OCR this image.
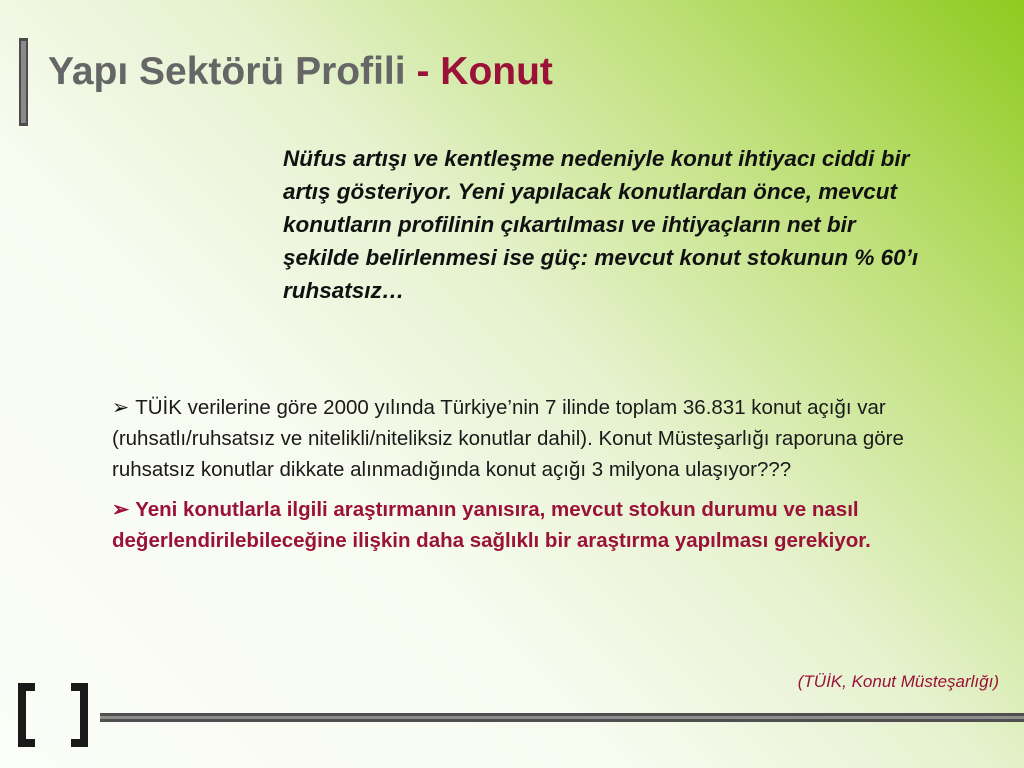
Yapı Sektörü Profili - Konut

Nüfus artışı ve kentleşme nedeniyle konut ihtiyacı ciddi bir artış gösteriyor. Yeni yapılacak konutlardan önce, mevcut konutların profilinin çıkartılması ve ihtiyaçların net bir şekilde belirlenmesi ise güç: mevcut konut stokunun % 60’ı ruhsatsız…

➢ TÜİK verilerine göre 2000 yılında Türkiye’nin 7 ilinde toplam 36.831 konut açığı var (ruhsatlı/ruhsatsız ve nitelikli/niteliksiz konutlar dahil). Konut Müsteşarlığı raporuna göre ruhsatsız konutlar dikkate alınmadığında konut açığı 3 milyona ulaşıyor???

➢ Yeni konutlarla ilgili araştırmanın yanısıra, mevcut stokun durumu ve nasıl değerlendirilebileceğine ilişkin daha sağlıklı bir araştırma yapılması gerekiyor.

(TÜİK, Konut Müsteşarlığı)
